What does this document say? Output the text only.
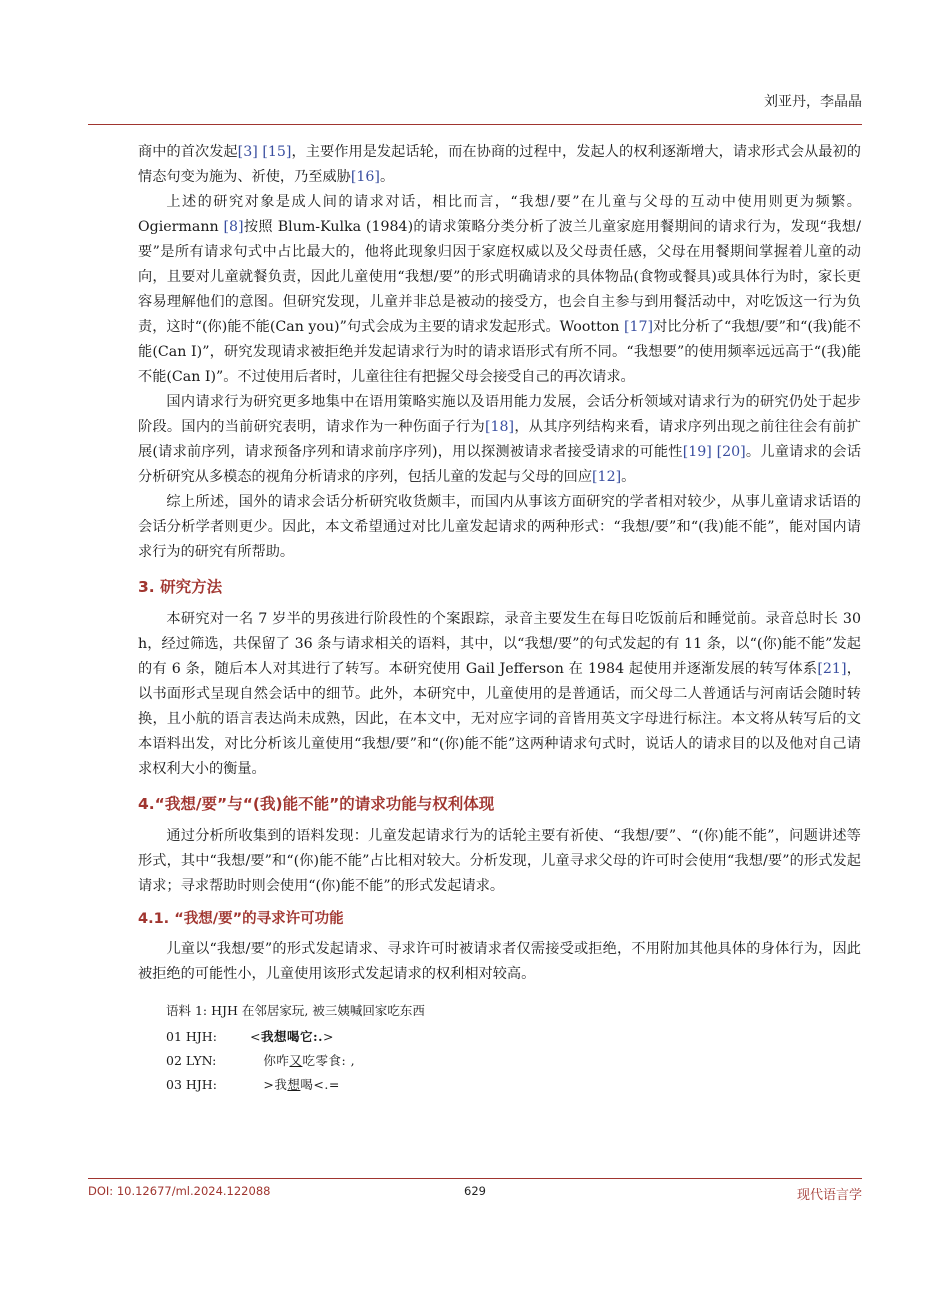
刘亚丹，李晶晶

商中的首次发起[3] [15]，主要作用是发起话轮，而在协商的过程中，发起人的权利逐渐增大，请求形式会从最初的情态句变为施为、祈使，乃至威胁[16]。

上述的研究对象是成人间的请求对话，相比而言，“我想/要”在儿童与父母的互动中使用则更为频繁。Ogiermann [8]按照 Blum-Kulka (1984)的请求策略分类分析了波兰儿童家庭用餐期间的请求行为，发现“我想/要”是所有请求句式中占比最大的，他将此现象归因于家庭权威以及父母责任感，父母在用餐期间掌握着儿童的动向，且要对儿童就餐负责，因此儿童使用“我想/要”的形式明确请求的具体物品(食物或餐具)或具体行为时，家长更容易理解他们的意图。但研究发现，儿童并非总是被动的接受方，也会自主参与到用餐活动中，对吃饭这一行为负责，这时“(你)能不能(Can you)”句式会成为主要的请求发起形式。Wootton [17]对比分析了“我想/要”和“(我)能不能(Can I)”，研究发现请求被拒绝并发起请求行为时的请求语形式有所不同。“我想要”的使用频率远远高于“(我)能不能(Can I)”。不过使用后者时，儿童往往有把握父母会接受自己的再次请求。

国内请求行为研究更多地集中在语用策略实施以及语用能力发展，会话分析领域对请求行为的研究仍处于起步阶段。国内的当前研究表明，请求作为一种伤面子行为[18]，从其序列结构来看，请求序列出现之前往往会有前扩展(请求前序列，请求预备序列和请求前序序列)，用以探测被请求者接受请求的可能性[19] [20]。儿童请求的会话分析研究从多模态的视角分析请求的序列，包括儿童的发起与父母的回应[12]。

综上所述，国外的请求会话分析研究收货颇丰，而国内从事该方面研究的学者相对较少，从事儿童请求话语的会话分析学者则更少。因此，本文希望通过对比儿童发起请求的两种形式：“我想/要”和“(我)能不能”，能对国内请求行为的研究有所帮助。

3. 研究方法

本研究对一名 7 岁半的男孩进行阶段性的个案跟踪，录音主要发生在每日吃饭前后和睡觉前。录音总时长 30 h，经过筛选，共保留了 36 条与请求相关的语料，其中，以“我想/要”的句式发起的有 11 条，以“(你)能不能”发起的有 6 条，随后本人对其进行了转写。本研究使用 Gail Jefferson 在 1984 起使用并逐渐发展的转写体系[21]，以书面形式呈现自然会话中的细节。此外，本研究中，儿童使用的是普通话，而父母二人普通话与河南话会随时转换，且小航的语言表达尚未成熟，因此，在本文中，无对应字词的音皆用英文字母进行标注。本文将从转写后的文本语料出发，对比分析该儿童使用“我想/要”和“(你)能不能”这两种请求句式时，说话人的请求目的以及他对自己请求权利大小的衡量。

4.“我想/要”与“(我)能不能”的请求功能与权利体现

通过分析所收集到的语料发现：儿童发起请求行为的话轮主要有祈使、“我想/要”、“(你)能不能”，问题讲述等形式，其中“我想/要”和“(你)能不能”占比相对较大。分析发现，儿童寻求父母的许可时会使用“我想/要”的形式发起请求；寻求帮助时则会使用“(你)能不能”的形式发起请求。

4.1. “我想/要”的寻求许可功能

儿童以“我想/要”的形式发起请求、寻求许可时被请求者仅需接受或拒绝，不用附加其他具体的身体行为，因此被拒绝的可能性小，儿童使用该形式发起请求的权利相对较高。

语料 1: HJH 在邻居家玩, 被三姨喊回家吃东西
01 HJH:	<我想喝它:.>
02 LYN:	你咋又吃零食: ,
03 HJH:	>我想喝<.=
DOI: 10.12677/ml.2024.122088	629	现代语言学
